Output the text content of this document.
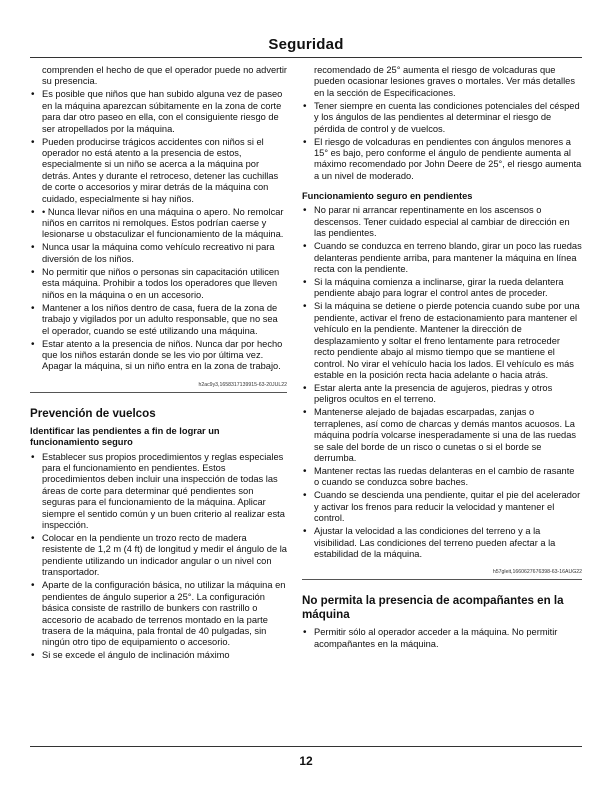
Seguridad
comprenden el hecho de que el operador puede no advertir su presencia.
• Es posible que niños que han subido alguna vez de paseo en la máquina aparezcan súbitamente en la zona de corte para dar otro paseo en ella, con el consiguiente riesgo de ser atropellados por la máquina.
• Pueden producirse trágicos accidentes con niños si el operador no está atento a la presencia de estos, especialmente si un niño se acerca a la máquina por detrás. Antes y durante el retroceso, detener las cuchillas de corte o accesorios y mirar detrás de la máquina con cuidado, especialmente si hay niños.
• • Nunca llevar niños en una máquina o apero. No remolcar niños en carritos ni remolques. Estos podrían caerse y lesionarse u obstaculizar el funcionamiento de la máquina.
• Nunca usar la máquina como vehículo recreativo ni para diversión de los niños.
• No permitir que niños o personas sin capacitación utilicen esta máquina. Prohibir a todos los operadores que lleven niños en la máquina o en un accesorio.
• Mantener a los niños dentro de casa, fuera de la zona de trabajo y vigilados por un adulto responsable, que no sea el operador, cuando se esté utilizando una máquina.
• Estar atento a la presencia de niños. Nunca dar por hecho que los niños estarán donde se les vio por última vez. Apagar la máquina, si un niño entra en la zona de trabajo.
h2ac9y3,1658317139915-63-20JUL22
Prevención de vuelcos
Identificar las pendientes a fin de lograr un funcionamiento seguro
• Establecer sus propios procedimientos y reglas especiales para el funcionamiento en pendientes. Estos procedimientos deben incluir una inspección de todas las áreas de corte para determinar qué pendientes son seguras para el funcionamiento de la máquina. Aplicar siempre el sentido común y un buen criterio al realizar esta inspección.
• Colocar en la pendiente un trozo recto de madera resistente de 1,2 m (4 ft) de longitud y medir el ángulo de la pendiente utilizando un indicador angular o un nivel con transportador.
• Aparte de la configuración básica, no utilizar la máquina en pendientes de ángulo superior a 25°. La configuración básica consiste de rastrillo de bunkers con rastrillo o accesorio de acabado de terrenos montado en la parte trasera de la máquina, pala frontal de 40 pulgadas, sin ningún otro tipo de equipamiento o accesorio.
• Si se excede el ángulo de inclinación máximo
recomendado de 25° aumenta el riesgo de volcaduras que pueden ocasionar lesiones graves o mortales. Ver más detalles en la sección de Especificaciones.
• Tener siempre en cuenta las condiciones potenciales del césped y los ángulos de las pendientes al determinar el riesgo de pérdida de control y de vuelcos.
• El riesgo de volcaduras en pendientes con ángulos menores a 15° es bajo, pero conforme el ángulo de pendiente aumenta al máximo recomendado por John Deere de 25°, el riesgo aumenta a un nivel de moderado.
Funcionamiento seguro en pendientes
• No parar ni arrancar repentinamente en los ascensos o descensos. Tener cuidado especial al cambiar de dirección en las pendientes.
• Cuando se conduzca en terreno blando, girar un poco las ruedas delanteras pendiente arriba, para mantener la máquina en línea recta con la pendiente.
• Si la máquina comienza a inclinarse, girar la rueda delantera pendiente abajo para lograr el control antes de proceder.
• Si la máquina se detiene o pierde potencia cuando sube por una pendiente, activar el freno de estacionamiento para mantener el vehículo en la pendiente. Mantener la dirección de desplazamiento y soltar el freno lentamente para retroceder recto pendiente abajo al mismo tiempo que se mantiene el control. No virar el vehículo hacia los lados. El vehículo es más estable en la posición recta hacia adelante o hacia atrás.
• Estar alerta ante la presencia de agujeros, piedras y otros peligros ocultos en el terreno.
• Mantenerse alejado de bajadas escarpadas, zanjas o terraplenes, así como de charcas y demás mantos acuosos. La máquina podría volcarse inesperadamente si una de las ruedas se sale del borde de un risco o cunetas o si el borde se derrumba.
• Mantener rectas las ruedas delanteras en el cambio de rasante o cuando se conduzca sobre baches.
• Cuando se descienda una pendiente, quitar el pie del acelerador y activar los frenos para reducir la velocidad y mantener el control.
• Ajustar la velocidad a las condiciones del terreno y a la visibilidad. Las condiciones del terreno pueden afectar a la estabilidad de la máquina.
h57gleit,1660627676398-63-16AUG22
No permita la presencia de acompañantes en la máquina
• Permitir sólo al operador acceder a la máquina. No permitir acompañantes en la máquina.
12
